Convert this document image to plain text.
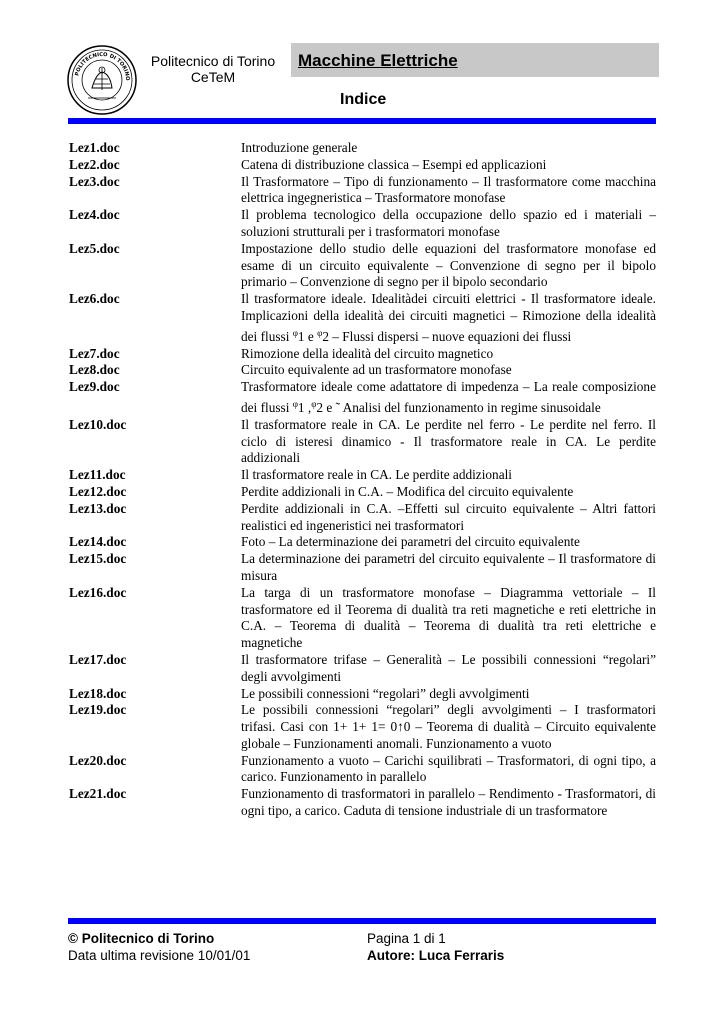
POLITECNICO DI TORINO
Politecnico di Torino
CeTeM
Macchine Elettriche
Indice
Lez1.doc	Introduzione generale
Lez2.doc	Catena di distribuzione classica – Esempi ed applicazioni
Lez3.doc	Il Trasformatore – Tipo di funzionamento – Il trasformatore come macchina elettrica ingegneristica – Trasformatore monofase
Lez4.doc	Il problema tecnologico della occupazione dello spazio ed i materiali – soluzioni strutturali per i trasformatori monofase
Lez5.doc	Impostazione dello studio delle equazioni del trasformatore monofase ed esame di un circuito equivalente – Convenzione di segno per il bipolo primario – Convenzione di segno per il bipolo secondario
Lez6.doc	Il trasformatore ideale. Idealitàdei circuiti elettrici - Il trasformatore ideale. Implicazioni della idealità dei circuiti magnetici – Rimozione della idealità dei flussi $^\varphi$1 e $^\varphi$2 – Flussi dispersi – nuove equazioni dei flussi
Lez7.doc	Rimozione della idealità del circuito magnetico
Lez8.doc	Circuito equivalente ad un trasformatore monofase
Lez9.doc	Trasformatore ideale come adattatore di impedenza – La reale composizione dei flussi $^\varphi$1 ,$^\varphi$2 e ˜ Analisi del funzionamento in regime sinusoidale
Lez10.doc	Il trasformatore reale in CA. Le perdite nel ferro - Le perdite nel ferro. Il ciclo di isteresi dinamico - Il trasformatore reale in CA. Le perdite addizionali
Lez11.doc	Il trasformatore reale in CA. Le perdite addizionali
Lez12.doc	Perdite addizionali in C.A. – Modifica del circuito equivalente
Lez13.doc	Perdite addizionali in C.A. –Effetti sul circuito equivalente – Altri fattori realistici ed ingeneristici nei trasformatori
Lez14.doc	Foto – La determinazione dei parametri del circuito equivalente
Lez15.doc	La determinazione dei parametri del circuito equivalente – Il trasformatore di misura
Lez16.doc	La targa di un trasformatore monofase – Diagramma vettoriale – Il trasformatore ed il Teorema di dualità tra reti magnetiche e reti elettriche in C.A. – Teorema di dualità – Teorema di dualità tra reti elettriche e magnetiche
Lez17.doc	Il trasformatore trifase – Generalità – Le possibili connessioni “regolari” degli avvolgimenti
Lez18.doc	Le possibili connessioni “regolari” degli avvolgimenti
Lez19.doc	Le possibili connessioni “regolari” degli avvolgimenti – I trasformatori trifasi. Casi con 1+ 1+ 1= 0↑0 – Teorema di dualità – Circuito equivalente globale – Funzionamenti anomali. Funzionamento a vuoto
Lez20.doc	Funzionamento a vuoto – Carichi squilibrati – Trasformatori, di ogni tipo, a carico. Funzionamento in parallelo
Lez21.doc	Funzionamento di trasformatori in parallelo – Rendimento - Trasformatori, di ogni tipo, a carico. Caduta di tensione industriale di un trasformatore
© Politecnico di Torino
Data ultima revisione 10/01/01
Pagina 1 di 1
Autore: Luca Ferraris
